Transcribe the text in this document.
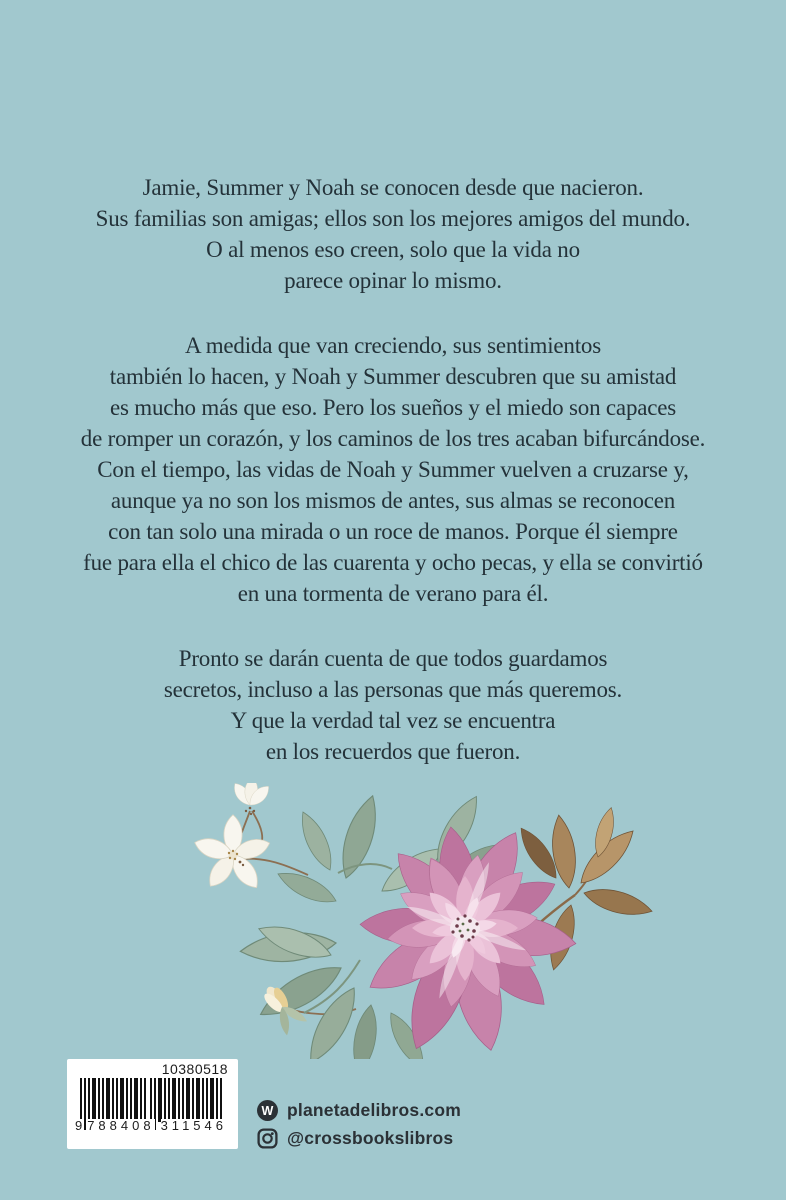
Jamie, Summer y Noah se conocen desde que nacieron.
Sus familias son amigas; ellos son los mejores amigos del mundo.
O al menos eso creen, solo que la vida no
parece opinar lo mismo.
A medida que van creciendo, sus sentimientos
también lo hacen, y Noah y Summer descubren que su amistad
es mucho más que eso. Pero los sueños y el miedo son capaces
de romper un corazón, y los caminos de los tres acaban bifurcándose.
Con el tiempo, las vidas de Noah y Summer vuelven a cruzarse y,
aunque ya no son los mismos de antes, sus almas se reconocen
con tan solo una mirada o un roce de manos. Porque él siempre
fue para ella el chico de las cuarenta y ocho pecas, y ella se convirtió
en una tormenta de verano para él.
Pronto se darán cuenta de que todos guardamos
secretos, incluso a las personas que más queremos.
Y que la verdad tal vez se encuentra
en los recuerdos que fueron.
10380518
9 788408 311546
W planetadelibros.com
@crossbookslibros
